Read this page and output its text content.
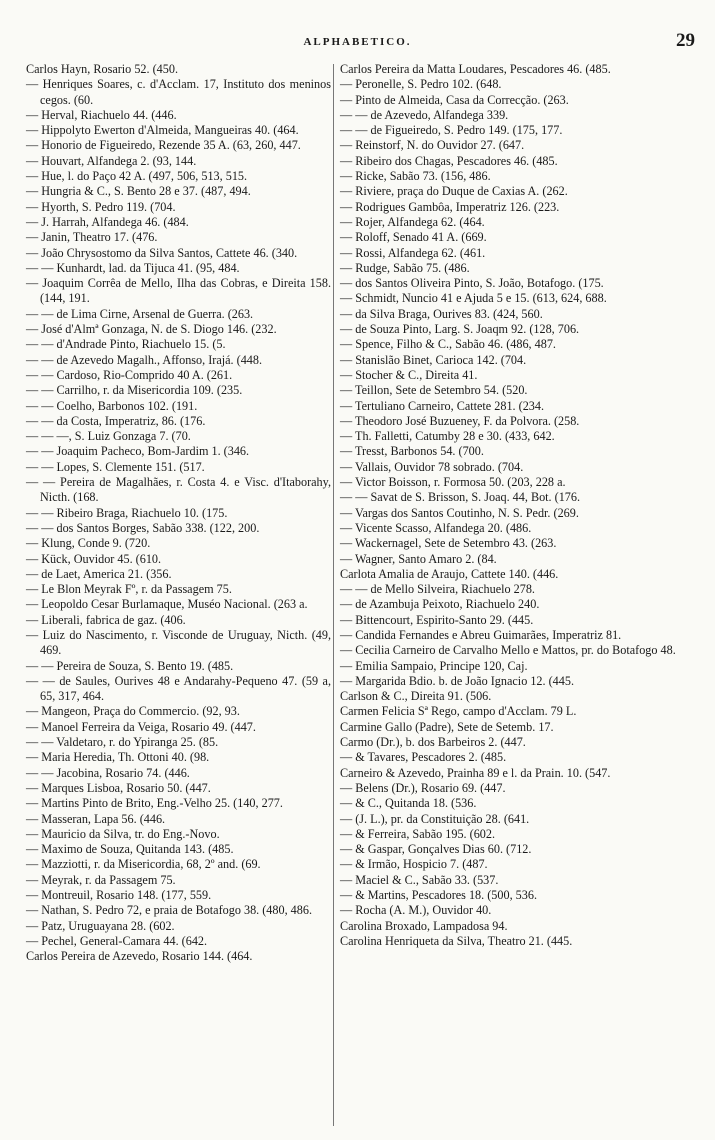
ALPHABETICO.	29
Carlos Hayn, Rosario 52. (450.
— Henriques Soares, c. d'Acclam. 17, Instituto dos meninos cegos. (60.
— Herval, Riachuelo 44. (446.
— Hippolyto Ewerton d'Almeida, Mangueiras 40. (464.
— Honorio de Figueiredo, Rezende 35 A. (63, 260, 447.
— Houvart, Alfandega 2. (93, 144.
— Hue, l. do Paço 42 A. (497, 506, 513, 515.
— Hungria & C., S. Bento 28 e 37. (487, 494.
— Hyorth, S. Pedro 119. (704.
— J. Harrah, Alfandega 46. (484.
— Janin, Theatro 17. (476.
— João Chrysostomo da Silva Santos, Cattete 46. (340.
— — Kunhardt, lad. da Tijuca 41. (95, 484.
— Joaquim Corrêa de Mello, Ilha das Cobras, e Direita 158. (144, 191.
— — de Lima Cirne, Arsenal de Guerra. (263.
— José d'Almª Gonzaga, N. de S. Diogo 146. (232.
— — d'Andrade Pinto, Riachuelo 15. (5.
— — de Azevedo Magalh., Affonso, Irajá. (448.
— — Cardoso, Rio-Comprido 40 A. (261.
— — Carrilho, r. da Misericordia 109. (235.
— — Coelho, Barbonos 102. (191.
— — da Costa, Imperatriz, 86. (176.
— — —, S. Luiz Gonzaga 7. (70.
— — Joaquim Pacheco, Bom-Jardim 1. (346.
— — Lopes, S. Clemente 151. (517.
— — Pereira de Magalhães, r. Costa 4. e Visc. d'Itaborahy, Nicth. (168.
— — Ribeiro Braga, Riachuelo 10. (175.
— — dos Santos Borges, Sabão 338. (122, 200.
— Klung, Conde 9. (720.
— Kück, Ouvidor 45. (610.
— de Laet, America 21. (356.
— Le Blon Meyrak Fº, r. da Passagem 75.
— Leopoldo Cesar Burlamaque, Muséo Nacional. (263 a.
— Liberali, fabrica de gaz. (406.
— Luiz do Nascimento, r. Visconde de Uruguay, Nicth. (49, 469.
— — Pereira de Souza, S. Bento 19. (485.
— — de Saules, Ourives 48 e Andarahy-Pequeno 47. (59 a, 65, 317, 464.
— Mangeon, Praça do Commercio. (92, 93.
— Manoel Ferreira da Veiga, Rosario 49. (447.
— — Valdetaro, r. do Ypiranga 25. (85.
— Maria Heredia, Th. Ottoni 40. (98.
— — Jacobina, Rosario 74. (446.
— Marques Lisboa, Rosario 50. (447.
— Martins Pinto de Brito, Eng.-Velho 25. (140, 277.
— Masseran, Lapa 56. (446.
— Mauricio da Silva, tr. do Eng.-Novo.
— Maximo de Souza, Quitanda 143. (485.
— Mazziotti, r. da Misericordia, 68, 2º and. (69.
— Meyrak, r. da Passagem 75.
— Montreuil, Rosario 148. (177, 559.
— Nathan, S. Pedro 72, e praia de Botafogo 38. (480, 486.
— Patz, Uruguayana 28. (602.
— Pechel, General-Camara 44. (642.
Carlos Pereira de Azevedo, Rosario 144. (464.
Carlos Pereira da Matta Loudares, Pescadores 46. (485.
— Peronelle, S. Pedro 102. (648.
— Pinto de Almeida, Casa da Correcção. (263.
— — de Azevedo, Alfandega 339.
— — de Figueiredo, S. Pedro 149. (175, 177.
— Reinstorf, N. do Ouvidor 27. (647.
— Ribeiro dos Chagas, Pescadores 46. (485.
— Ricke, Sabão 73. (156, 486.
— Riviere, praça do Duque de Caxias A. (262.
— Rodrigues Gambôa, Imperatriz 126. (223.
— Rojer, Alfandega 62. (464.
— Roloff, Senado 41 A. (669.
— Rossi, Alfandega 62. (461.
— Rudge, Sabão 75. (486.
— dos Santos Oliveira Pinto, S. João, Botafogo. (175.
— Schmidt, Nuncio 41 e Ajuda 5 e 15. (613, 624, 688.
— da Silva Braga, Ourives 83. (424, 560.
— de Souza Pinto, Larg. S. Joaqm 92. (128, 706.
— Spence, Filho & C., Sabão 46. (486, 487.
— Stanislão Binet, Carioca 142. (704.
— Stocher & C., Direita 41.
— Teillon, Sete de Setembro 54. (520.
— Tertuliano Carneiro, Cattete 281. (234.
— Theodoro José Buzueney, F. da Polvora. (258.
— Th. Falletti, Catumby 28 e 30. (433, 642.
— Tresst, Barbonos 54. (700.
— Vallais, Ouvidor 78 sobrado. (704.
— Victor Boisson, r. Formosa 50. (203, 228 a.
— — Savat de S. Brisson, S. Joaq. 44, Bot. (176.
— Vargas dos Santos Coutinho, N. S. Pedr. (269.
— Vicente Scasso, Alfandega 20. (486.
— Wackernagel, Sete de Setembro 43. (263.
— Wagner, Santo Amaro 2. (84.
Carlota Amalia de Araujo, Cattete 140. (446.
— — de Mello Silveira, Riachuelo 278.
— de Azambuja Peixoto, Riachuelo 240.
— Bittencourt, Espirito-Santo 29. (445.
— Candida Fernandes e Abreu Guimarães, Imperatriz 81.
— Cecilia Carneiro de Carvalho Mello e Mattos, pr. do Botafogo 48.
— Emilia Sampaio, Principe 120, Caj.
— Margarida Bdio. b. de João Ignacio 12. (445.
Carlson & C., Direita 91. (506.
Carmen Felicia Sª Rego, campo d'Acclam. 79 L.
Carmine Gallo (Padre), Sete de Setemb. 17.
Carmo (Dr.), b. dos Barbeiros 2. (447.
— & Tavares, Pescadores 2. (485.
Carneiro & Azevedo, Prainha 89 e l. da Prain. 10. (547.
— Belens (Dr.), Rosario 69. (447.
— & C., Quitanda 18. (536.
— (J. L.), pr. da Constituição 28. (641.
— & Ferreira, Sabão 195. (602.
— & Gaspar, Gonçalves Dias 60. (712.
— & Irmão, Hospicio 7. (487.
— Maciel & C., Sabão 33. (537.
— & Martins, Pescadores 18. (500, 536.
— Rocha (A. M.), Ouvidor 40.
Carolina Broxado, Lampadosa 94.
Carolina Henriqueta da Silva, Theatro 21. (445.
